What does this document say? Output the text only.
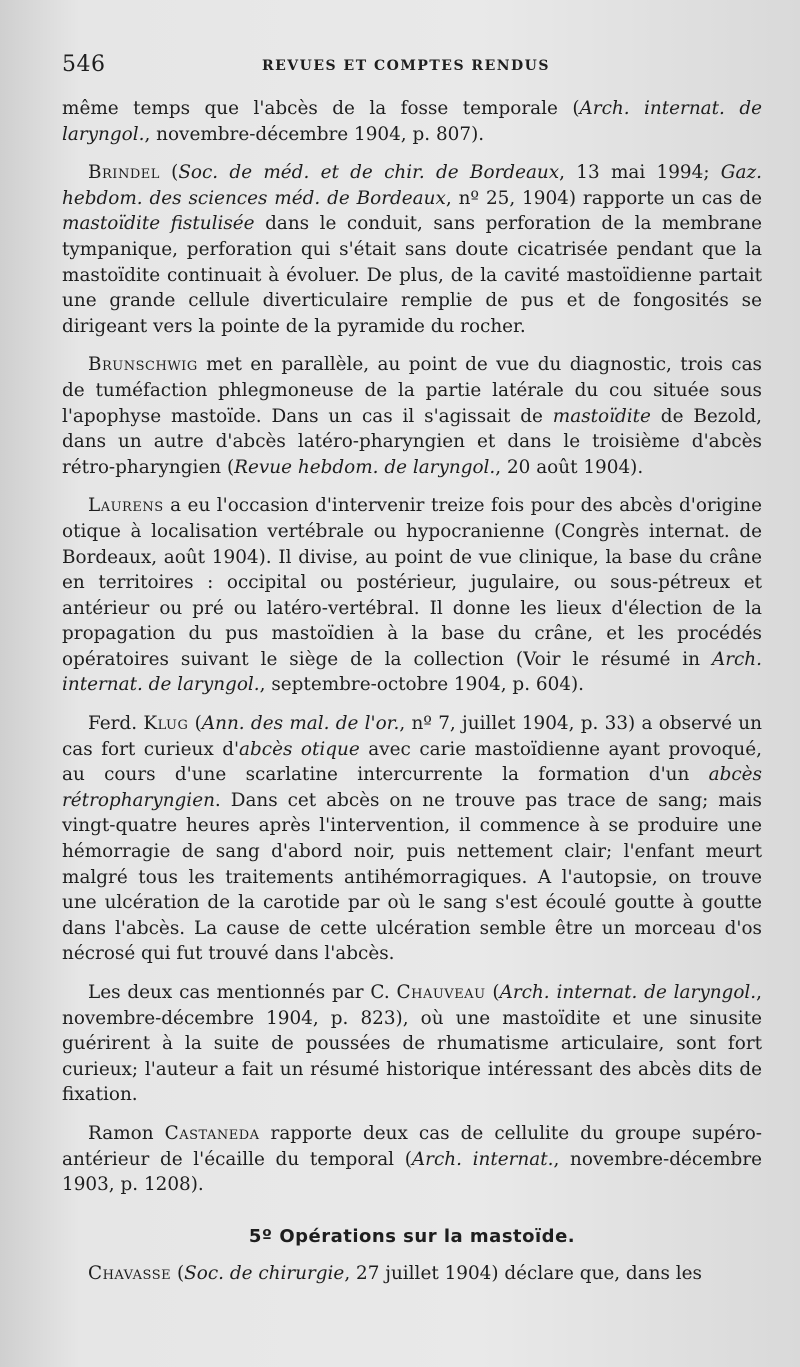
546	REVUES ET COMPTES RENDUS

même temps que l'abcès de la fosse temporale (Arch. internat. de laryngol., novembre-décembre 1904, p. 807).

Brindel (Soc. de méd. et de chir. de Bordeaux, 13 mai 1994; Gaz. hebdom. des sciences méd. de Bordeaux, nº 25, 1904) rapporte un cas de mastoïdite fistulisée dans le conduit, sans perforation de la membrane tympanique, perforation qui s'était sans doute cicatrisée pendant que la mastoïdite continuait à évoluer. De plus, de la cavité mastoïdienne partait une grande cellule diverticulaire remplie de pus et de fongosités se dirigeant vers la pointe de la pyramide du rocher.

Brunschwig met en parallèle, au point de vue du diagnostic, trois cas de tuméfaction phlegmoneuse de la partie latérale du cou située sous l'apophyse mastoïde. Dans un cas il s'agissait de mastoïdite de Bezold, dans un autre d'abcès latéro-pharyngien et dans le troisième d'abcès rétro-pharyngien (Revue hebdom. de laryngol., 20 août 1904).

Laurens a eu l'occasion d'intervenir treize fois pour des abcès d'origine otique à localisation vertébrale ou hypocranienne (Congrès internat. de Bordeaux, août 1904). Il divise, au point de vue clinique, la base du crâne en territoires : occipital ou postérieur, jugulaire, ou sous-pétreux et antérieur ou pré ou latéro-vertébral. Il donne les lieux d'élection de la propagation du pus mastoïdien à la base du crâne, et les procédés opératoires suivant le siège de la collection (Voir le résumé in Arch. internat. de laryngol., septembre-octobre 1904, p. 604).

Ferd. Klug (Ann. des mal. de l'or., nº 7, juillet 1904, p. 33) a observé un cas fort curieux d'abcès otique avec carie mastoïdienne ayant provoqué, au cours d'une scarlatine intercurrente la formation d'un abcès rétropharyngien. Dans cet abcès on ne trouve pas trace de sang; mais vingt-quatre heures après l'intervention, il commence à se produire une hémorragie de sang d'abord noir, puis nettement clair; l'enfant meurt malgré tous les traitements antihémorragiques. A l'autopsie, on trouve une ulcération de la carotide par où le sang s'est écoulé goutte à goutte dans l'abcès. La cause de cette ulcération semble être un morceau d'os nécrosé qui fut trouvé dans l'abcès.

Les deux cas mentionnés par C. Chauveau (Arch. internat. de laryngol., novembre-décembre 1904, p. 823), où une mastoïdite et une sinusite guérirent à la suite de poussées de rhumatisme articulaire, sont fort curieux; l'auteur a fait un résumé historique intéressant des abcès dits de fixation.

Ramon Castaneda rapporte deux cas de cellulite du groupe supéro-antérieur de l'écaille du temporal (Arch. internat., novembre-décembre 1903, p. 1208).

5º Opérations sur la mastoïde.

Chavasse (Soc. de chirurgie, 27 juillet 1904) déclare que, dans les
